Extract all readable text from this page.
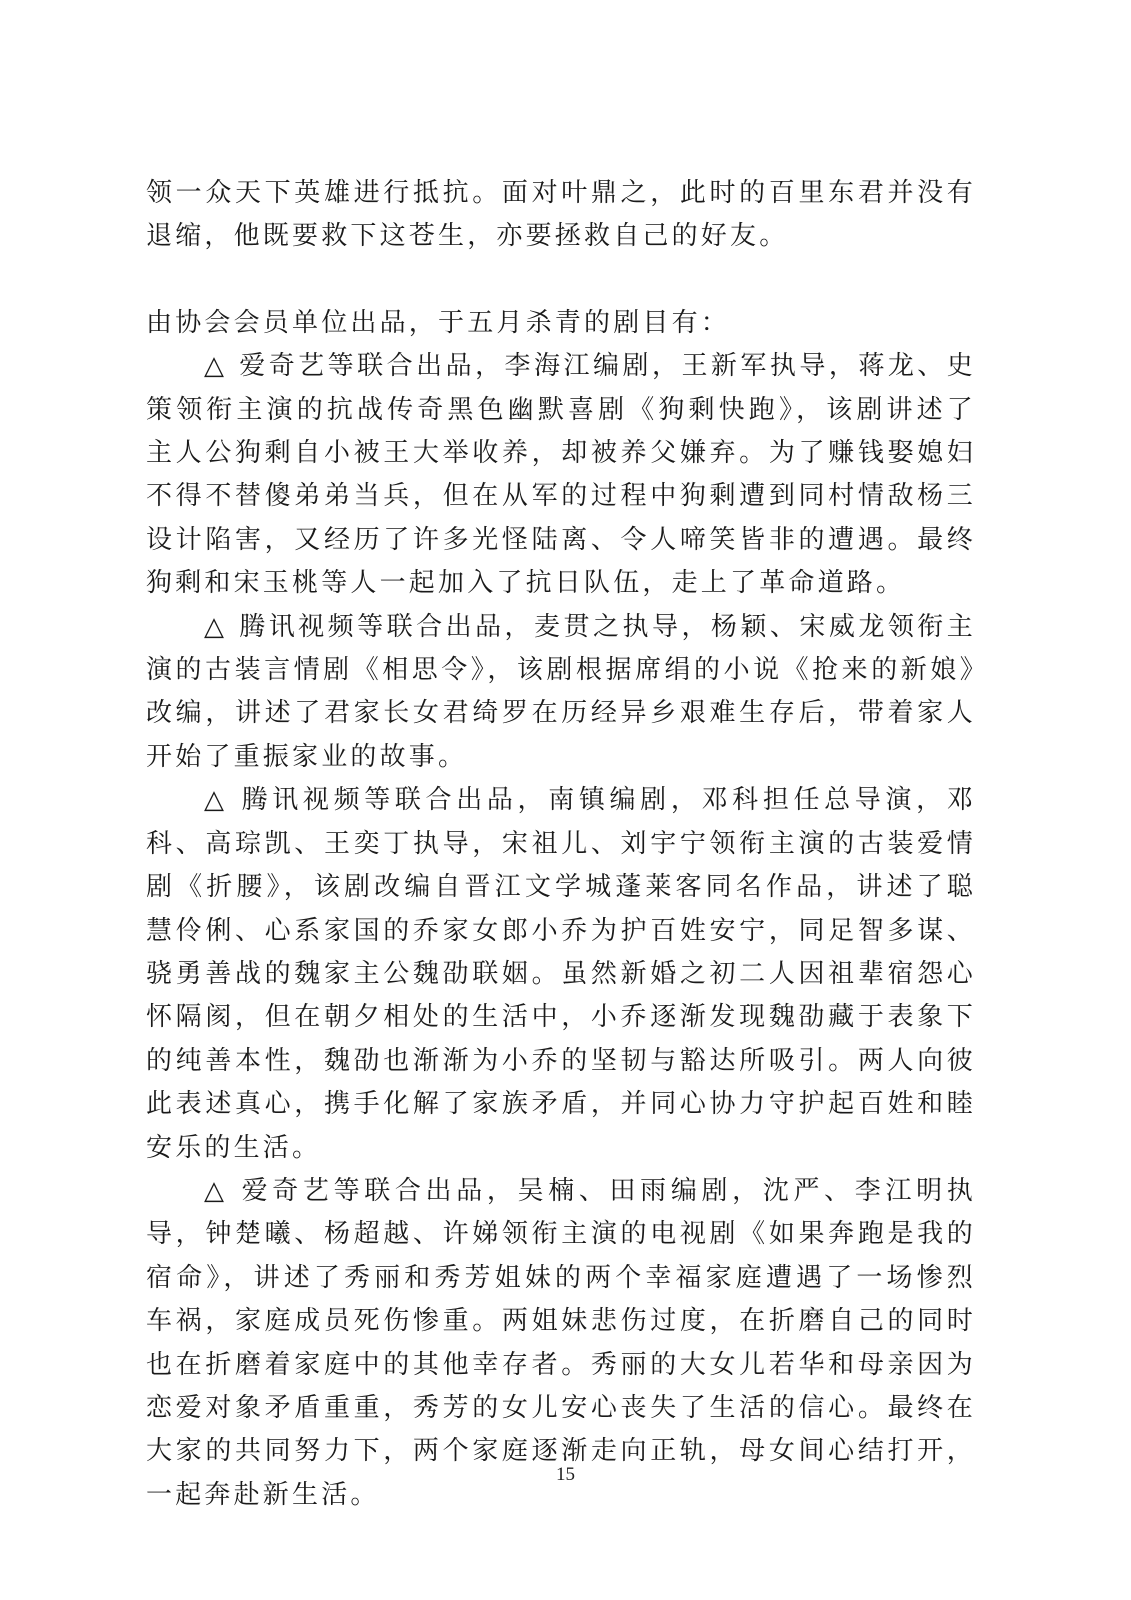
领一众天下英雄进行抵抗。面对叶鼎之，此时的百里东君并没有退缩，他既要救下这苍生，亦要拯救自己的好友。

由协会会员单位出品，于五月杀青的剧目有：

△ 爱奇艺等联合出品，李海江编剧，王新军执导，蒋龙、史策领衔主演的抗战传奇黑色幽默喜剧《狗剩快跑》，该剧讲述了主人公狗剩自小被王大举收养，却被养父嫌弃。为了赚钱娶媳妇不得不替傻弟弟当兵，但在从军的过程中狗剩遭到同村情敌杨三设计陷害，又经历了许多光怪陆离、令人啼笑皆非的遭遇。最终狗剩和宋玉桃等人一起加入了抗日队伍，走上了革命道路。

△ 腾讯视频等联合出品，麦贯之执导，杨颖、宋威龙领衔主演的古装言情剧《相思令》，该剧根据席绢的小说《抢来的新娘》改编，讲述了君家长女君绮罗在历经异乡艰难生存后，带着家人开始了重振家业的故事。

△ 腾讯视频等联合出品，南镇编剧，邓科担任总导演，邓科、高琮凯、王奕丁执导，宋祖儿、刘宇宁领衔主演的古装爱情剧《折腰》，该剧改编自晋江文学城蓬莱客同名作品，讲述了聪慧伶俐、心系家国的乔家女郎小乔为护百姓安宁，同足智多谋、骁勇善战的魏家主公魏劭联姻。虽然新婚之初二人因祖辈宿怨心怀隔阂，但在朝夕相处的生活中，小乔逐渐发现魏劭藏于表象下的纯善本性，魏劭也渐渐为小乔的坚韧与豁达所吸引。两人向彼此表述真心，携手化解了家族矛盾，并同心协力守护起百姓和睦安乐的生活。

△ 爱奇艺等联合出品，吴楠、田雨编剧，沈严、李江明执导，钟楚曦、杨超越、许娣领衔主演的电视剧《如果奔跑是我的宿命》，讲述了秀丽和秀芳姐妹的两个幸福家庭遭遇了一场惨烈车祸，家庭成员死伤惨重。两姐妹悲伤过度，在折磨自己的同时也在折磨着家庭中的其他幸存者。秀丽的大女儿若华和母亲因为恋爱对象矛盾重重，秀芳的女儿安心丧失了生活的信心。最终在大家的共同努力下，两个家庭逐渐走向正轨，母女间心结打开，一起奔赴新生活。

15
